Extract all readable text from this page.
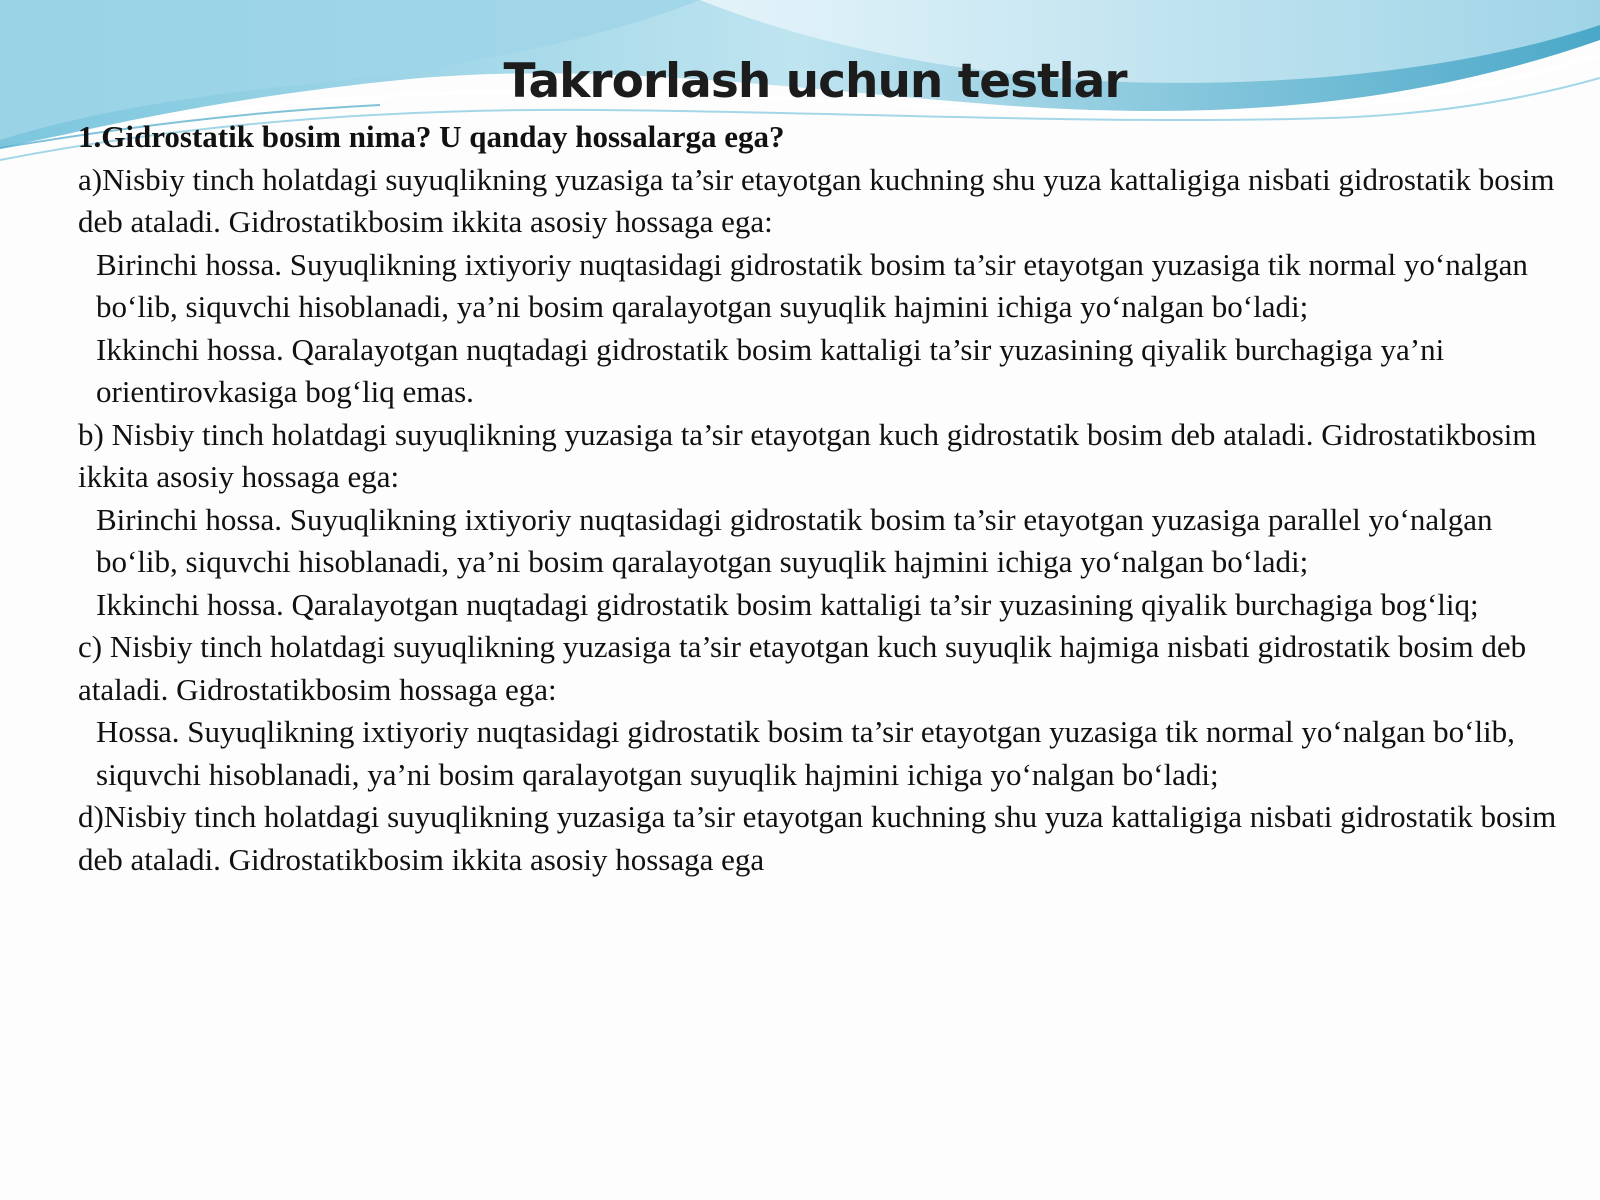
Takrorlash uchun testlar

1.Gidrostatik bosim nima? U qanday hossalarga ega?

a)Nisbiy tinch holatdagi suyuqlikning yuzasiga ta’sir etayotgan kuchning shu yuza kattaligiga nisbati gidrostatik bosim deb ataladi. Gidrostatikbosim ikkita asosiy hossaga ega:

Birinchi hossa. Suyuqlikning ixtiyoriy nuqtasidagi gidrostatik bosim ta’sir etayotgan yuzasiga tik normal yo‘nalgan bo‘lib, siquvchi hisoblanadi, ya’ni bosim qaralayotgan suyuqlik hajmini ichiga yo‘nalgan bo‘ladi;

Ikkinchi hossa. Qaralayotgan nuqtadagi gidrostatik bosim kattaligi ta’sir yuzasining qiyalik burchagiga ya’ni orientirovkasiga bog‘liq emas.

b) Nisbiy tinch holatdagi suyuqlikning yuzasiga ta’sir etayotgan kuch gidrostatik bosim deb ataladi. Gidrostatikbosim ikkita asosiy hossaga ega:

Birinchi hossa. Suyuqlikning ixtiyoriy nuqtasidagi gidrostatik bosim ta’sir etayotgan yuzasiga parallel yo‘nalgan bo‘lib, siquvchi hisoblanadi, ya’ni bosim qaralayotgan suyuqlik hajmini ichiga yo‘nalgan bo‘ladi;

Ikkinchi hossa. Qaralayotgan nuqtadagi gidrostatik bosim kattaligi ta’sir yuzasining qiyalik burchagiga bog‘liq;

c) Nisbiy tinch holatdagi suyuqlikning yuzasiga ta’sir etayotgan kuch suyuqlik hajmiga nisbati gidrostatik bosim deb ataladi. Gidrostatikbosim hossaga ega:

Hossa. Suyuqlikning ixtiyoriy nuqtasidagi gidrostatik bosim ta’sir etayotgan yuzasiga tik normal yo‘nalgan bo‘lib, siquvchi hisoblanadi, ya’ni bosim qaralayotgan suyuqlik hajmini ichiga yo‘nalgan bo‘ladi;

d)Nisbiy tinch holatdagi suyuqlikning yuzasiga ta’sir etayotgan kuchning shu yuza kattaligiga nisbati gidrostatik bosim deb ataladi. Gidrostatikbosim ikkita asosiy hossaga ega
